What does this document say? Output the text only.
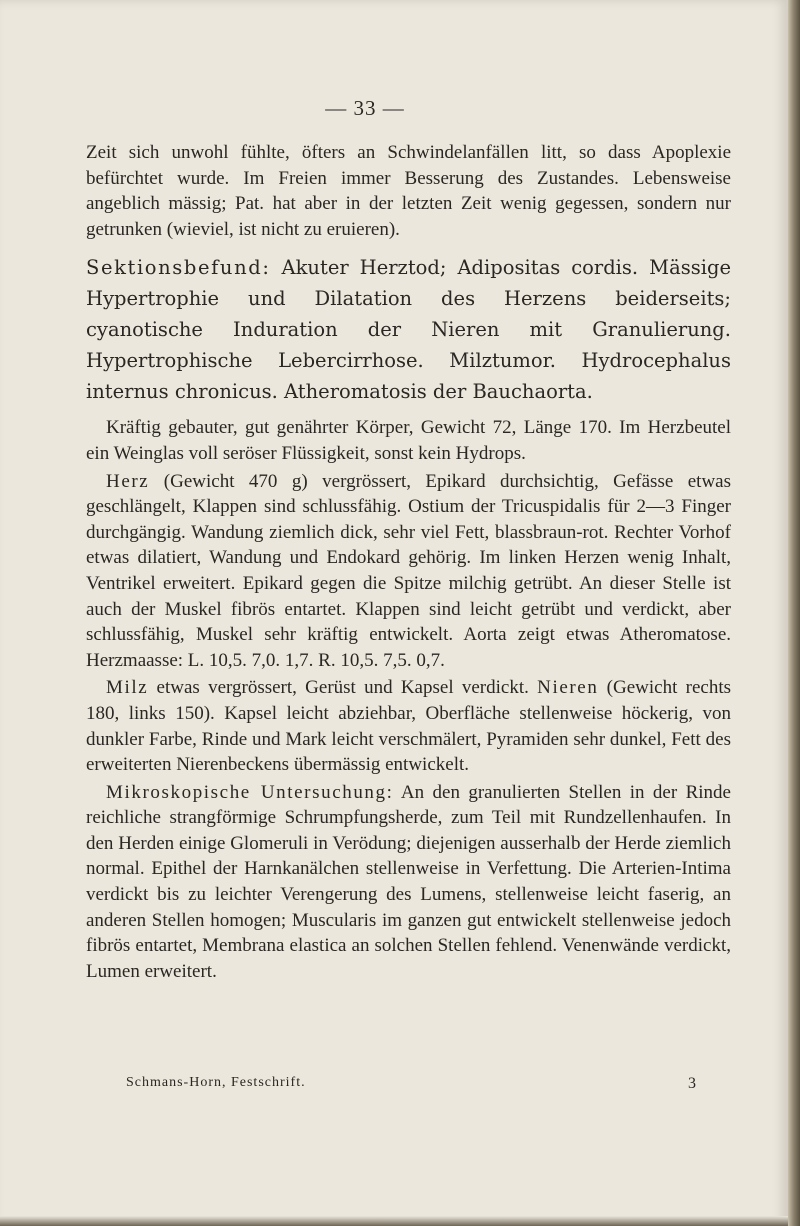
— 33 —

Zeit sich unwohl fühlte, öfters an Schwindelanfällen litt, so dass Apoplexie befürchtet wurde. Im Freien immer Besserung des Zustandes. Lebensweise angeblich mässig; Pat. hat aber in der letzten Zeit wenig gegessen, sondern nur getrunken (wieviel, ist nicht zu eruieren).

Sektionsbefund: Akuter Herztod; Adipositas cordis. Mässige Hypertrophie und Dilatation des Herzens beiderseits; cyanotische Induration der Nieren mit Granulierung. Hypertrophische Lebercirrhose. Milztumor. Hydrocephalus internus chronicus. Atheromatosis der Bauchaorta.

Kräftig gebauter, gut genährter Körper, Gewicht 72, Länge 170. Im Herzbeutel ein Weinglas voll seröser Flüssigkeit, sonst kein Hydrops.

Herz (Gewicht 470 g) vergrössert, Epikard durchsichtig, Gefässe etwas geschlängelt, Klappen sind schlussfähig. Ostium der Tricuspidalis für 2—3 Finger durchgängig. Wandung ziemlich dick, sehr viel Fett, blassbraun-rot. Rechter Vorhof etwas dilatiert, Wandung und Endokard gehörig. Im linken Herzen wenig Inhalt, Ventrikel erweitert. Epikard gegen die Spitze milchig getrübt. An dieser Stelle ist auch der Muskel fibrös entartet. Klappen sind leicht getrübt und verdickt, aber schlussfähig, Muskel sehr kräftig entwickelt. Aorta zeigt etwas Atheromatose. Herzmaasse: L. 10,5. 7,0. 1,7. R. 10,5. 7,5. 0,7.

Milz etwas vergrössert, Gerüst und Kapsel verdickt. Nieren (Gewicht rechts 180, links 150). Kapsel leicht abziehbar, Oberfläche stellenweise höckerig, von dunkler Farbe, Rinde und Mark leicht verschmälert, Pyramiden sehr dunkel, Fett des erweiterten Nierenbeckens übermässig entwickelt.

Mikroskopische Untersuchung: An den granulierten Stellen in der Rinde reichliche strangförmige Schrumpfungsherde, zum Teil mit Rundzellenhaufen. In den Herden einige Glomeruli in Verödung; diejenigen ausserhalb der Herde ziemlich normal. Epithel der Harnkanälchen stellenweise in Verfettung. Die Arterien-Intima verdickt bis zu leichter Verengerung des Lumens, stellenweise leicht faserig, an anderen Stellen homogen; Muscularis im ganzen gut entwickelt stellenweise jedoch fibrös entartet, Membrana elastica an solchen Stellen fehlend. Venenwände verdickt, Lumen erweitert.

Schmans-Horn, Festschrift.	3
